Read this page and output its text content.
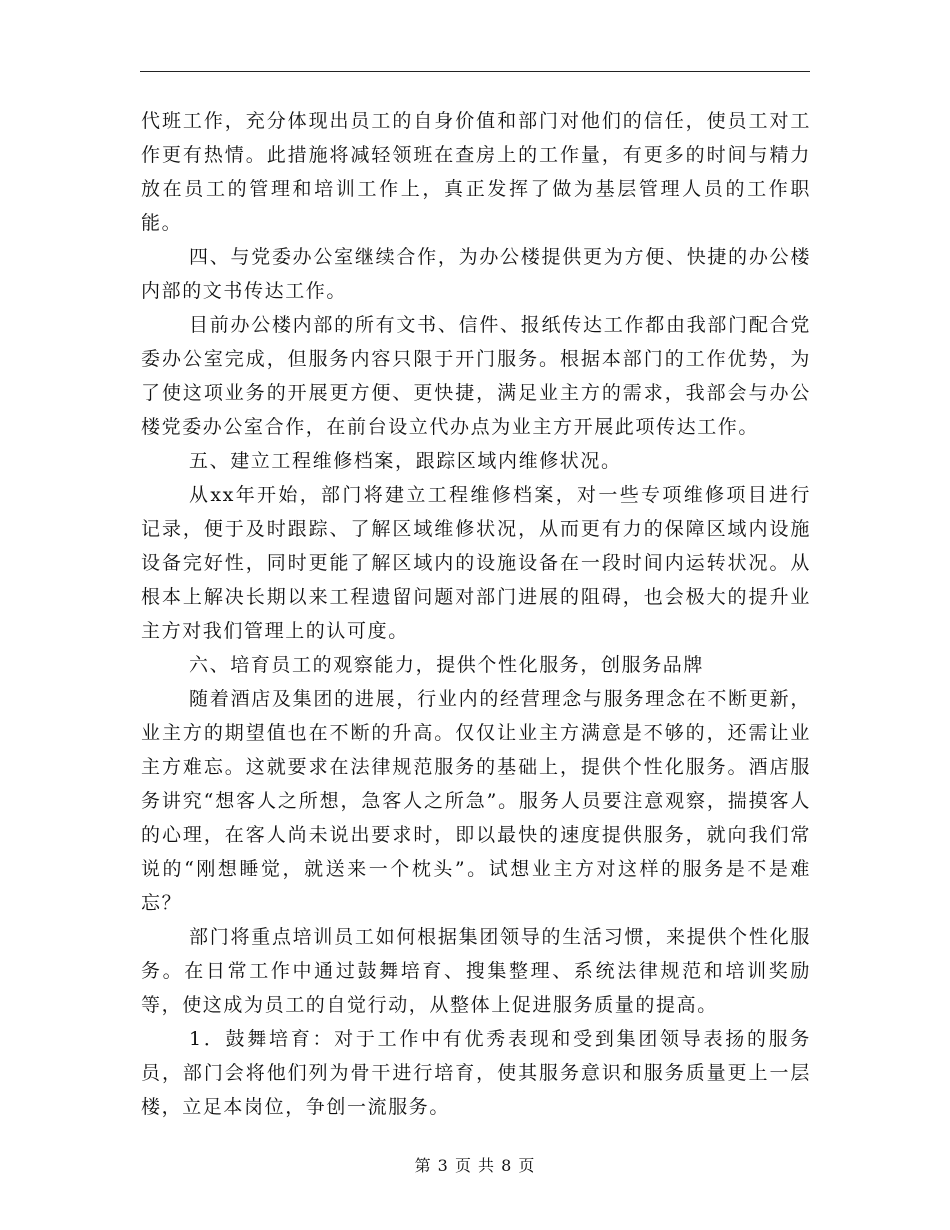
代班工作，充分体现出员工的自身价值和部门对他们的信任，使员工对工作更有热情。此措施将减轻领班在查房上的工作量，有更多的时间与精力放在员工的管理和培训工作上，真正发挥了做为基层管理人员的工作职能。

四、与党委办公室继续合作，为办公楼提供更为方便、快捷的办公楼内部的文书传达工作。

目前办公楼内部的所有文书、信件、报纸传达工作都由我部门配合党委办公室完成，但服务内容只限于开门服务。根据本部门的工作优势，为了使这项业务的开展更方便、更快捷，满足业主方的需求，我部会与办公楼党委办公室合作，在前台设立代办点为业主方开展此项传达工作。

五、建立工程维修档案，跟踪区域内维修状况。

从xx年开始，部门将建立工程维修档案，对一些专项维修项目进行记录，便于及时跟踪、了解区域维修状况，从而更有力的保障区域内设施设备完好性，同时更能了解区域内的设施设备在一段时间内运转状况。从根本上解决长期以来工程遗留问题对部门进展的阻碍，也会极大的提升业主方对我们管理上的认可度。

六、培育员工的观察能力，提供个性化服务，创服务品牌

随着酒店及集团的进展，行业内的经营理念与服务理念在不断更新，业主方的期望值也在不断的升高。仅仅让业主方满意是不够的，还需让业主方难忘。这就要求在法律规范服务的基础上，提供个性化服务。酒店服务讲究“想客人之所想，急客人之所急”。服务人员要注意观察，揣摸客人的心理，在客人尚未说出要求时，即以最快的速度提供服务，就向我们常说的“刚想睡觉，就送来一个枕头”。试想业主方对这样的服务是不是难忘？

部门将重点培训员工如何根据集团领导的生活习惯，来提供个性化服务。在日常工作中通过鼓舞培育、搜集整理、系统法律规范和培训奖励等，使这成为员工的自觉行动，从整体上促进服务质量的提高。

1．鼓舞培育：对于工作中有优秀表现和受到集团领导表扬的服务员，部门会将他们列为骨干进行培育，使其服务意识和服务质量更上一层楼，立足本岗位，争创一流服务。

第 3 页 共 8 页
